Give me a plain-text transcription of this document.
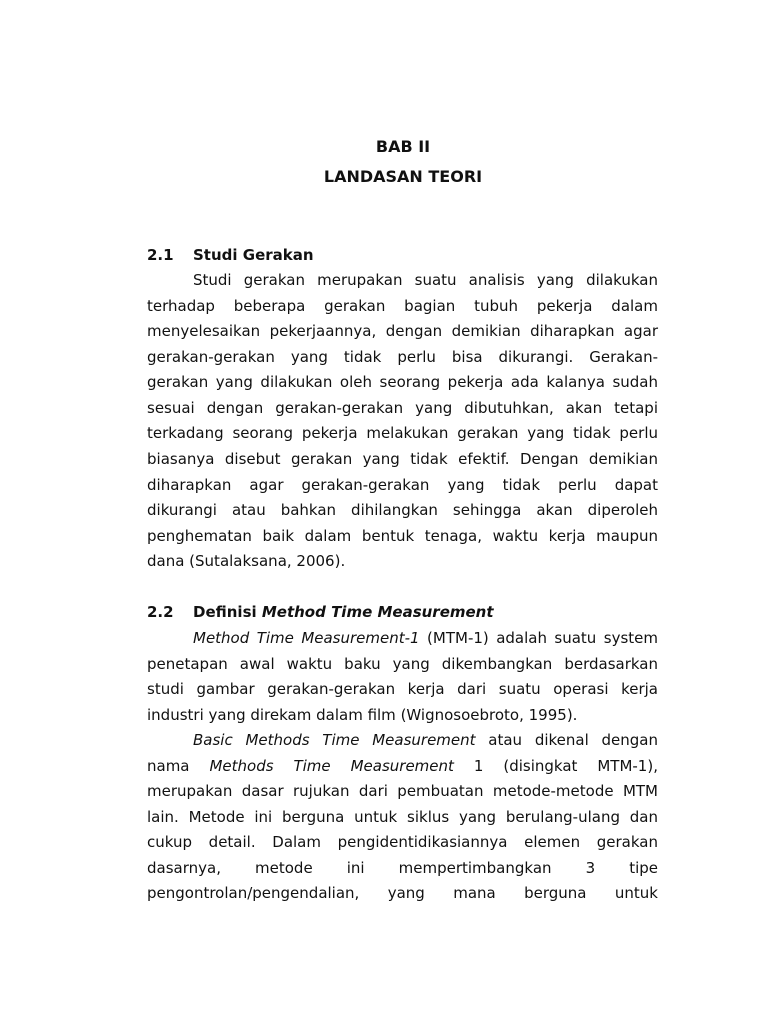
BAB II
LANDASAN TEORI
2.1 Studi Gerakan
Studi gerakan merupakan suatu analisis yang dilakukan
terhadap beberapa gerakan bagian tubuh pekerja dalam
menyelesaikan pekerjaannya, dengan demikian diharapkan agar
gerakan-gerakan yang tidak perlu bisa dikurangi. Gerakan-
gerakan yang dilakukan oleh seorang pekerja ada kalanya sudah
sesuai dengan gerakan-gerakan yang dibutuhkan, akan tetapi
terkadang seorang pekerja melakukan gerakan yang tidak perlu
biasanya disebut gerakan yang tidak efektif. Dengan demikian
diharapkan agar gerakan-gerakan yang tidak perlu dapat
dikurangi atau bahkan dihilangkan sehingga akan diperoleh
penghematan baik dalam bentuk tenaga, waktu kerja maupun
dana (Sutalaksana, 2006).
2.2 Definisi Method Time Measurement
Method Time Measurement-1 (MTM-1) adalah suatu system
penetapan awal waktu baku yang dikembangkan berdasarkan
studi gambar gerakan-gerakan kerja dari suatu operasi kerja
industri yang direkam dalam film (Wignosoebroto, 1995).
Basic Methods Time Measurement atau dikenal dengan
nama Methods Time Measurement 1 (disingkat MTM-1),
merupakan dasar rujukan dari pembuatan metode-metode MTM
lain. Metode ini berguna untuk siklus yang berulang-ulang dan
cukup detail. Dalam pengidentidikasiannya elemen gerakan
dasarnya, metode ini mempertimbangkan 3 tipe
pengontrolan/pengendalian, yang mana berguna untuk
